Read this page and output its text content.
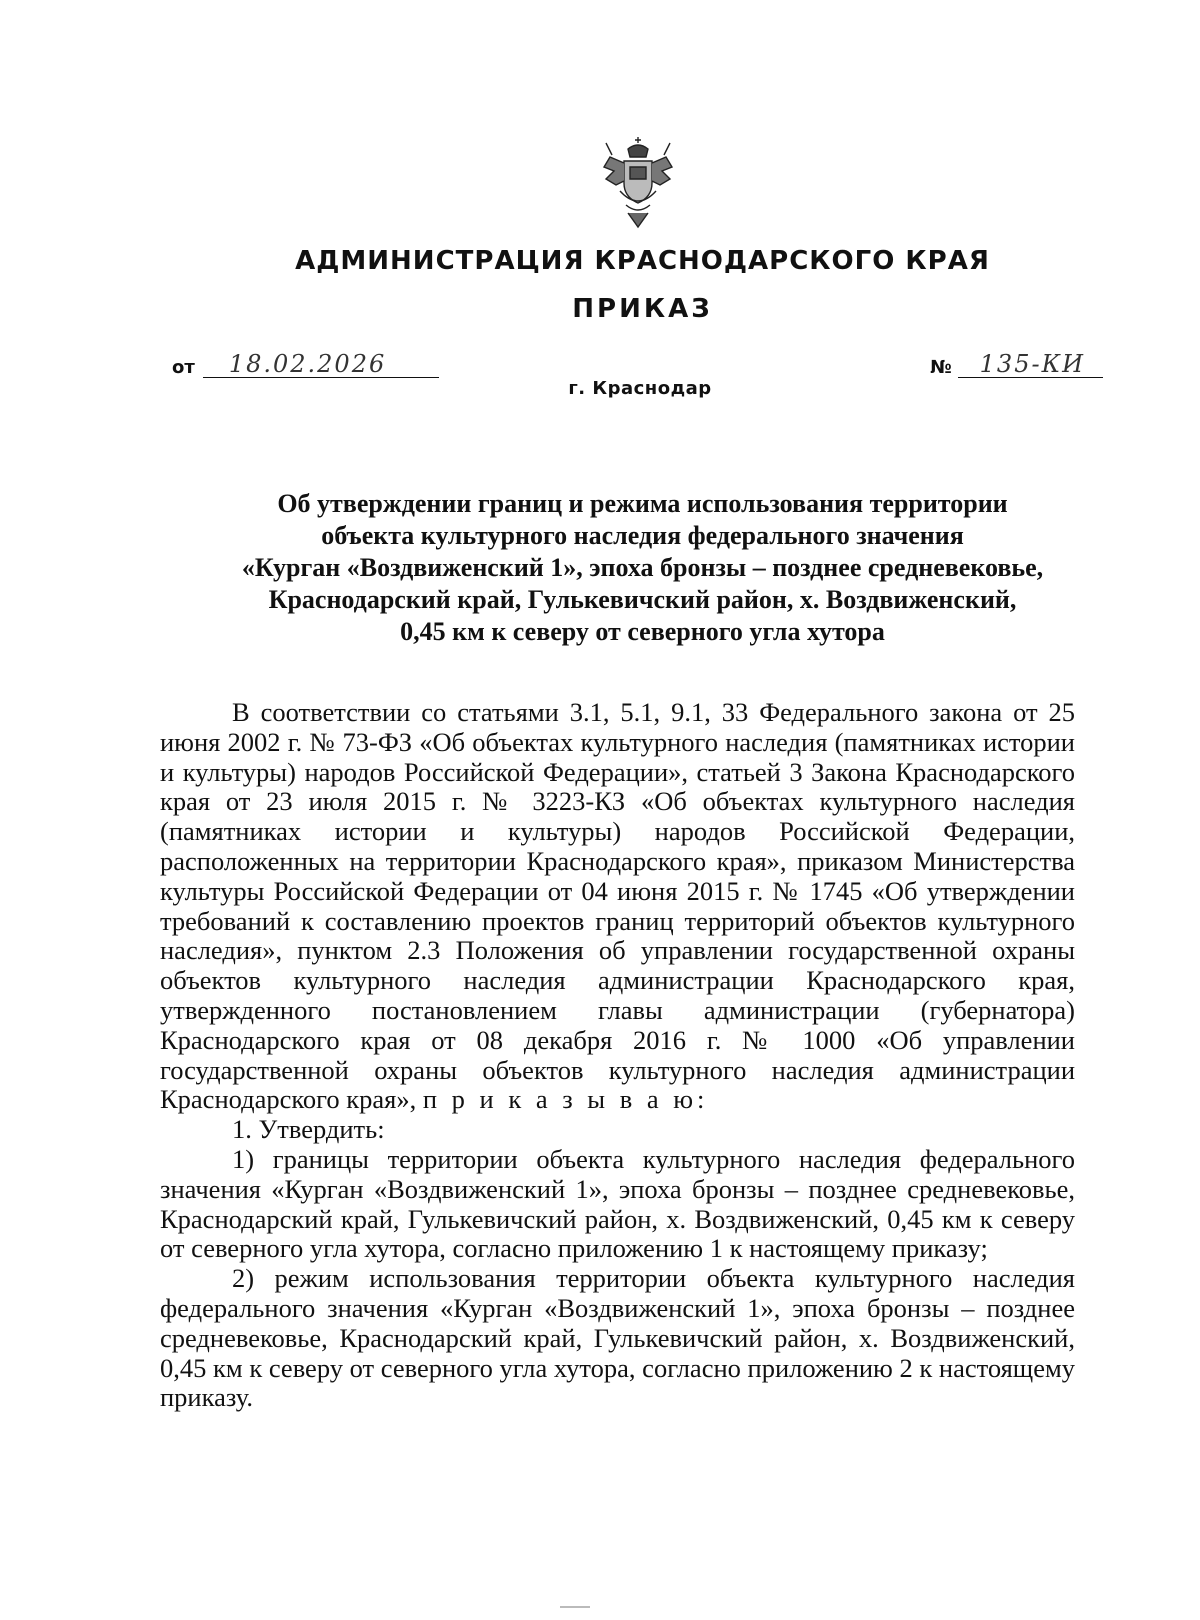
АДМИНИСТРАЦИЯ КРАСНОДАРСКОГО КРАЯ
ПРИКАЗ
от 18.02.2026	№ 135-КИ
г. Краснодар
Об утверждении границ и режима использования территории
объекта культурного наследия федерального значения
«Курган «Воздвиженский 1», эпоха бронзы – позднее средневековье,
Краснодарский край, Гулькевичский район, х. Воздвиженский,
0,45 км к северу от северного угла хутора

В соответствии со статьями 3.1, 5.1, 9.1, 33 Федерального закона от 25 июня 2002 г. № 73-ФЗ «Об объектах культурного наследия (памятниках истории и культуры) народов Российской Федерации», статьей 3 Закона Краснодарского края от 23 июля 2015 г. № 3223-КЗ «Об объектах культурного наследия (памятниках истории и культуры) народов Российской Федерации, расположенных на территории Краснодарского края», приказом Министерства культуры Российской Федерации от 04 июня 2015 г. № 1745 «Об утверждении требований к составлению проектов границ территорий объектов культурного наследия», пунктом 2.3 Положения об управлении государственной охраны объектов культурного наследия администрации Краснодарского края, утвержденного постановлением главы администрации (губернатора) Краснодарского края от 08 декабря 2016 г. № 1000 «Об управлении государственной охраны объектов культурного наследия администрации Краснодарского края», п р и к а з ы в а ю:

1. Утвердить:

1) границы территории объекта культурного наследия федерального значения «Курган «Воздвиженский 1», эпоха бронзы – позднее средневековье, Краснодарский край, Гулькевичский район, х. Воздвиженский, 0,45 км к северу от северного угла хутора, согласно приложению 1 к настоящему приказу;

2) режим использования территории объекта культурного наследия федерального значения «Курган «Воздвиженский 1», эпоха бронзы – позднее средневековье, Краснодарский край, Гулькевичский район, х. Воздвиженский, 0,45 км к северу от северного угла хутора, согласно приложению 2 к настоящему приказу.
